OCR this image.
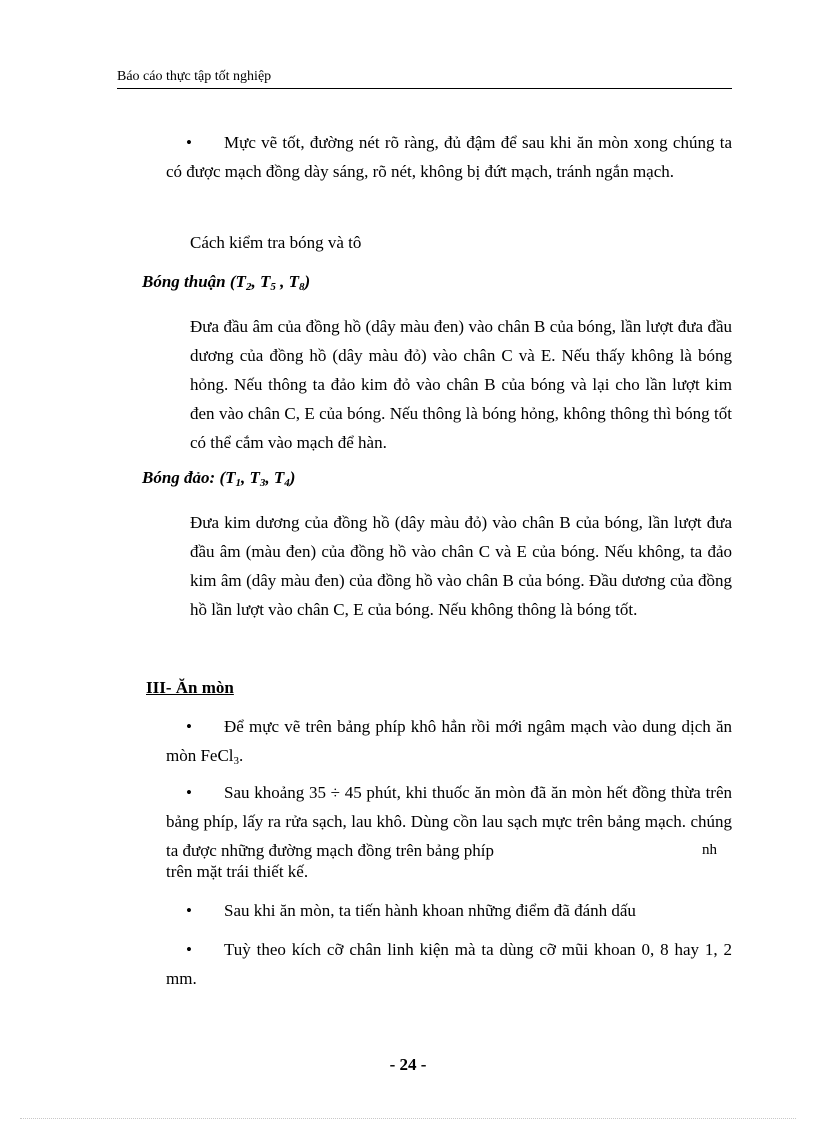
Báo cáo thực tập tốt nghiệp

• Mực vẽ tốt, đường nét rõ ràng, đủ đậm để sau khi ăn mòn xong chúng ta có được mạch đồng dày sáng, rõ nét, không bị đứt mạch, tránh ngắn mạch.

Cách kiểm tra bóng và tô
Bóng thuận ($T_2$, $T_5$ , $T_8$)

Đưa đầu âm của đồng hồ (dây màu đen) vào chân B của bóng, lần lượt đưa đầu dương của đồng hồ (dây màu đỏ) vào chân C và E. Nếu thấy không là bóng hỏng. Nếu thông ta đảo kim đỏ vào chân B của bóng và lại cho lần lượt kim đen vào chân C, E của bóng. Nếu thông là bóng hỏng, không thông thì bóng tốt có thể cắm vào mạch để hàn.

Bóng đảo: ($T_1$, $T_3$, $T_4$)

Đưa kim dương của đồng hồ (dây màu đỏ) vào chân B của bóng, lần lượt đưa đầu âm (màu đen) của đồng hồ vào chân C và E của bóng. Nếu không, ta đảo kim âm (dây màu đen) của đồng hồ vào chân B của bóng. Đầu dương của đồng hồ lần lượt vào chân C, E của bóng. Nếu không thông là bóng tốt.

III- Ăn mòn

• Để mực vẽ trên bảng phíp khô hẳn rồi mới ngâm mạch vào dung dịch ăn mòn FeCl$_3$.

• Sau khoảng 35 ÷ 45 phút, khi thuốc ăn mòn đã ăn mòn hết đồng thừa trên bảng phíp, lấy ra rửa sạch, lau khô. Dùng cồn lau sạch mực trên bảng mạch. chúng ta được những đường mạch đồng trên bảng phíp	nh
trên mặt trái thiết kế.

• Sau khi ăn mòn, ta tiến hành khoan những điểm đã đánh dấu

• Tuỳ theo kích cỡ chân linh kiện mà ta dùng cỡ mũi khoan 0, 8 hay 1, 2 mm.

- 24 -
